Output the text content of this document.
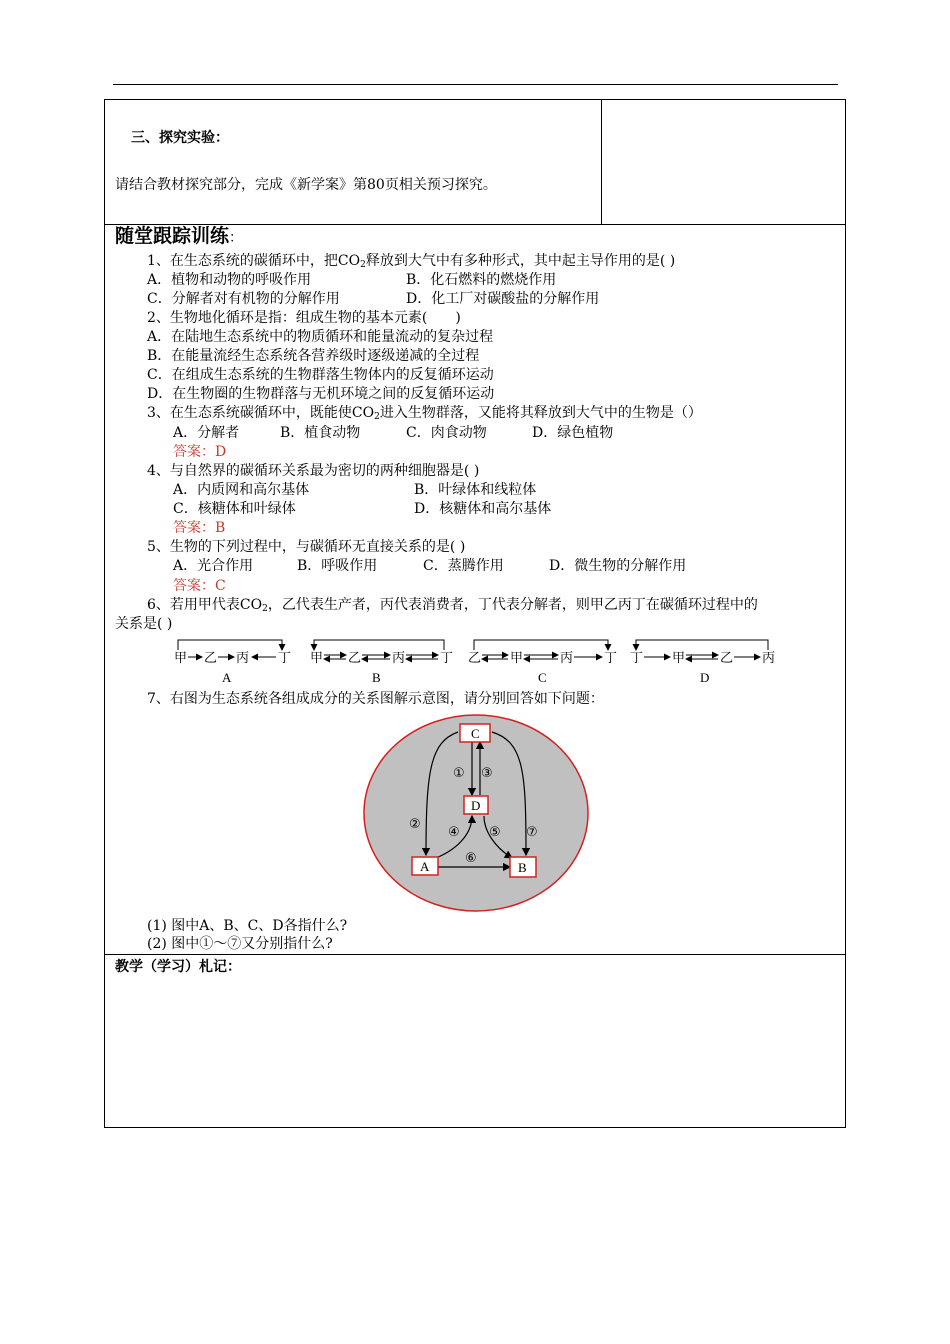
三、探究实验：
请结合教材探究部分，完成《新学案》第80页相关预习探究。
随堂跟踪训练：
1、在生态系统的碳循环中，把$CO_2$释放到大气中有多种形式，其中起主导作用的是( )
A．植物和动物的呼吸作用	B．化石燃料的燃烧作用
C．分解者对有机物的分解作用	D．化工厂对碳酸盐的分解作用
2、生物地化循环是指：组成生物的基本元素(　　)
A．在陆地生态系统中的物质循环和能量流动的复杂过程
B．在能量流经生态系统各营养级时逐级递减的全过程
C．在组成生态系统的生物群落生物体内的反复循环运动
D．在生物圈的生物群落与无机环境之间的反复循环运动
3、在生态系统碳循环中，既能使$CO_2$进入生物群落，又能将其释放到大气中的生物是（）
A．分解者	B．植食动物	C．肉食动物	D．绿色植物
答案：D
4、与自然界的碳循环关系最为密切的两种细胞器是( )
A．内质网和高尔基体	B．叶绿体和线粒体
C．核糖体和叶绿体	D．核糖体和高尔基体
答案：B
5、生物的下列过程中，与碳循环无直接关系的是( )
A．光合作用	B．呼吸作用	C．蒸腾作用	D．微生物的分解作用
答案：C
6、若用甲代表$CO_2$，乙代表生产者，丙代表消费者，丁代表分解者，则甲乙丙丁在碳循环过程中的
关系是( )
甲 乙 丙 丁
A
甲 乙 丙	丁
B
乙 甲	丙 丁
C
丁 甲	乙 丙
D
7、右图为生态系统各组成成分的关系图解示意图，请分别回答如下问题：
C
D
A	B
① ③
②
④ ⑤ ⑦
⑥
(1) 图中A、B、C、D各指什么?
(2) 图中①～⑦又分别指什么?
教学（学习）札记：
